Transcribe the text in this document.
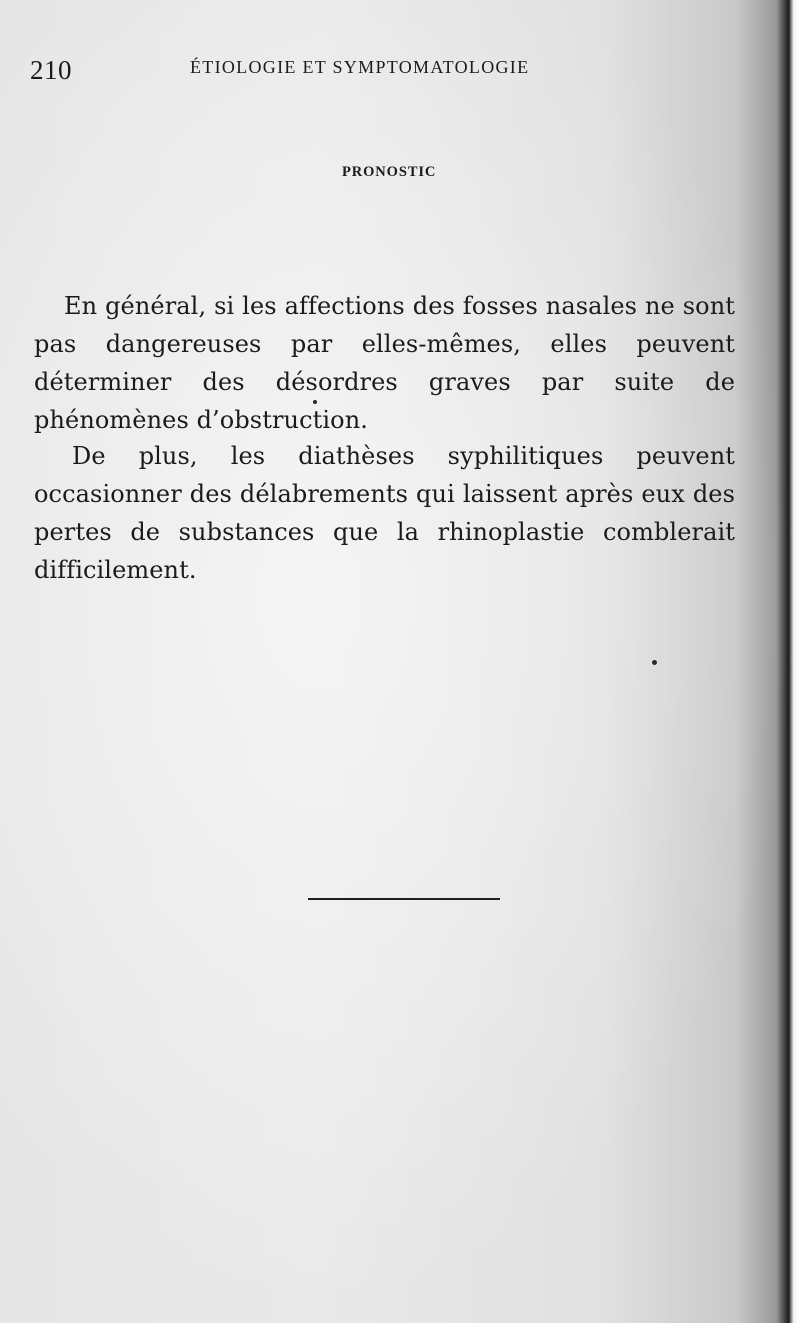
210	ÉTIOLOGIE ET SYMPTOMATOLOGIE
PRONOSTIC

En général, si les affections des fosses nasales ne sont pas dangereuses par elles-mêmes, elles peuvent déterminer des désordres graves par suite de phénomènes d’obstruction.

De plus, les diathèses syphilitiques peuvent occasionner des délabrements qui laissent après eux des pertes de substances que la rhinoplastie comblerait difficilement.
